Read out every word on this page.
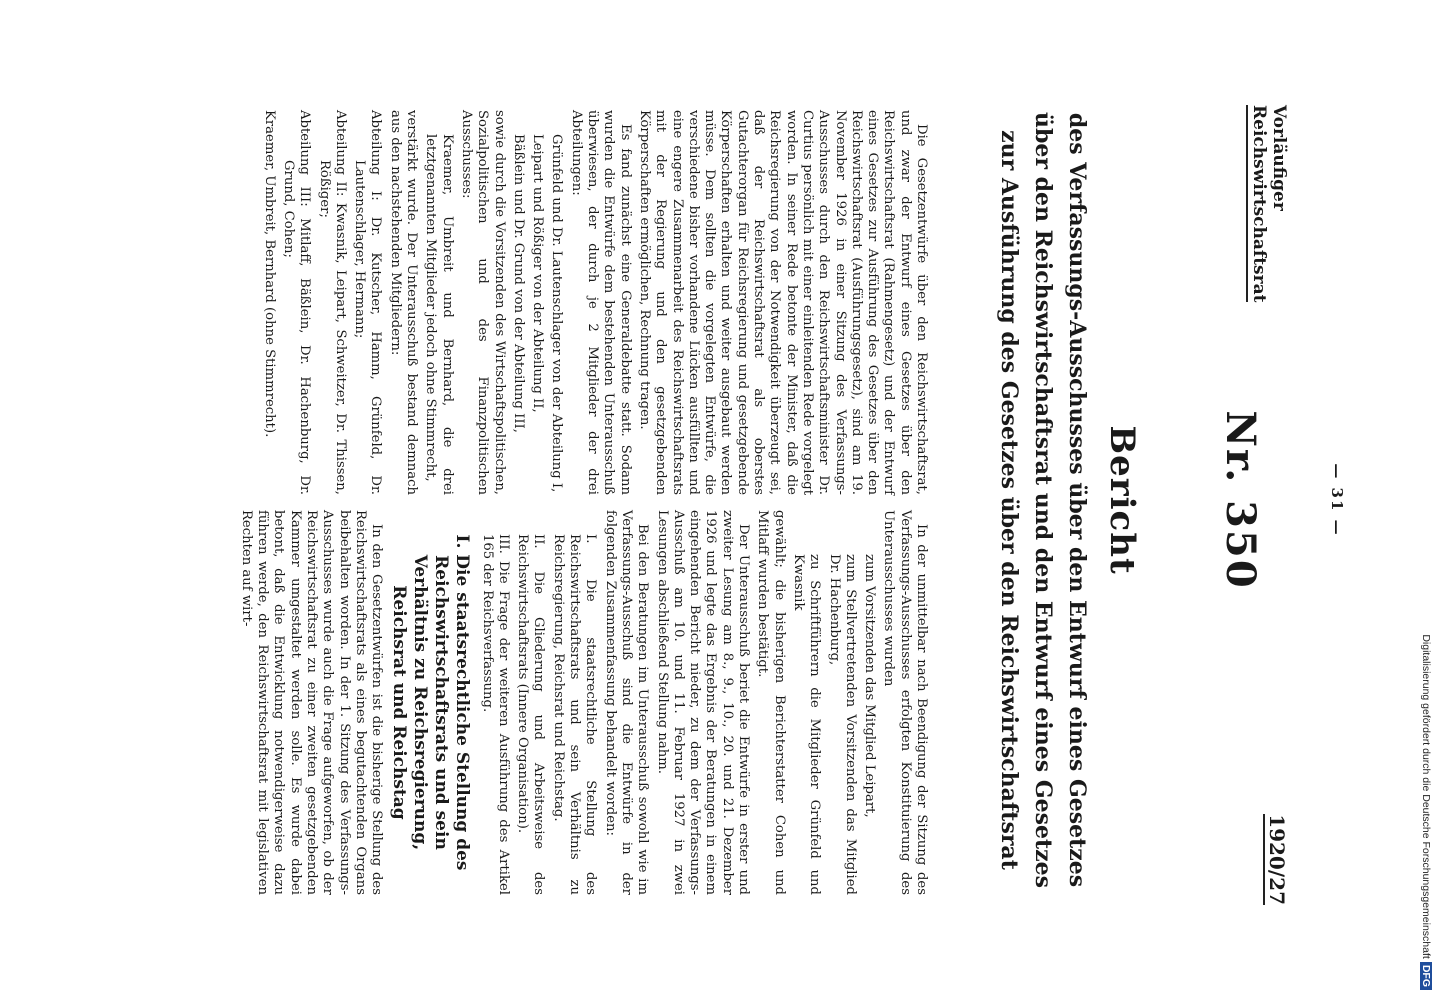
Vorläufiger
Reichswirtschaftsrat
— 31 —
1920/27
Nr. 350
Bericht
des Verfassungs-Ausschusses über den Entwurf eines Gesetzes über den Reichswirtschaftsrat und den Entwurf eines Gesetzes zur Ausführung des Gesetzes über den Reichswirtschaftsrat

Die Gesetzentwürfe über den Reichswirtschaftsrat, und zwar der Entwurf eines Gesetzes über den Reichswirtschaftsrat (Rahmengesetz) und der Entwurf eines Gesetzes zur Ausführung des Gesetzes über den Reichswirtschaftsrat (Ausführungsgesetz), sind am 19. November 1926 in einer Sitzung des Verfassungs-Ausschusses durch den Reichswirtschaftsminister Dr. Curtius persönlich mit einer einleitenden Rede vorgelegt worden. In seiner Rede betonte der Minister, daß die Reichsregierung von der Notwendigkeit überzeugt sei, daß der Reichswirtschaftsrat als oberstes Gutachterorgan für Reichsregierung und gesetzgebende Körperschaften erhalten und weiter ausgebaut werden müsse. Dem sollten die vorgelegten Entwürfe, die verschiedene bisher vorhandene Lücken ausfüllten und eine engere Zusammenarbeit des Reichswirtschaftsrats mit der Regierung und den gesetzgebenden Körperschaften ermöglichen, Rechnung tragen.

Es fand zunächst eine Generaldebatte statt. Sodann wurden die Entwürfe dem bestehenden Unterausschuß überwiesen, der durch je 2 Mitglieder der drei Abteilungen:

Grünfeld und Dr. Lautenschlager von der Abteilung I,

Leipart und Rößiger von der Abteilung II,

Bäßlein und Dr. Grund von der Abteilung III,

sowie durch die Vorsitzenden des Wirtschaftspolitischen, Sozialpolitischen und des Finanzpolitischen Ausschusses:

Kraemer, Umbreit und Bernhard, die drei letztgenannten Mitglieder jedoch ohne Stimmrecht,

verstärkt wurde. Der Unterausschuß bestand demnach aus den nachstehenden Mitgliedern:

Abteilung I: Dr. Kutscher, Hamm, Grünfeld, Dr. Lautenschlager, Hermann;

Abteilung II: Kwasnik, Leipart, Schweitzer, Dr. Thissen, Rößiger;

Abteilung III: Mitlaff, Bäßlein, Dr. Hachenburg, Dr. Grund, Cohen;

Kraemer, Umbreit, Bernhard (ohne Stimmrecht).

In der unmittelbar nach Beendigung der Sitzung des Verfassungs-Ausschusses erfolgten Konstituierung des Unterausschusses wurden

zum Vorsitzenden das Mitglied Leipart,

zum Stellvertretenden Vorsitzenden das Mitglied Dr. Hachenburg,

zu Schriftführern die Mitglieder Grünfeld und Kwasnik

gewählt; die bisherigen Berichterstatter Cohen und Mitlaff wurden bestätigt.

Der Unterausschuß beriet die Entwürfe in erster und zweiter Lesung am 8., 9., 10., 20. und 21. Dezember 1926 und legte das Ergebnis der Beratungen in einem eingehenden Bericht nieder, zu dem der Verfassungs-Ausschuß am 10. und 11. Februar 1927 in zwei Lesungen abschließend Stellung nahm.

Bei den Beratungen im Unterausschuß sowohl wie im Verfassungs-Ausschuß sind die Entwürfe in der folgenden Zusammenfassung behandelt worden:

I. Die staatsrechtliche Stellung des Reichswirtschaftsrats und sein Verhältnis zu Reichsregierung, Reichsrat und Reichstag.

II. Die Gliederung und Arbeitsweise des Reichswirtschaftsrats (Innere Organisation).

III. Die Frage der weiteren Ausführung des Artikel 165 der Reichsverfassung.

I. Die staatsrechtliche Stellung des Reichswirtschaftsrats und sein Verhältnis zu Reichsregierung, Reichsrat und Reichstag

In den Gesetzentwürfen ist die bisherige Stellung des Reichswirtschaftsrats als eines begutachtenden Organs beibehalten worden. In der 1. Sitzung des Verfassungs-Ausschusses wurde auch die Frage aufgeworfen, ob der Reichswirtschaftsrat zu einer zweiten gesetzgebenden Kammer umgestaltet werden solle. Es wurde dabei betont, daß die Entwicklung notwendigerweise dazu führen werde, den Reichswirtschaftsrat mit legislativen Rechten auf wirt-

Digitalisierung gefördert durch die Deutsche ForschungsgemeinschaftDFG
